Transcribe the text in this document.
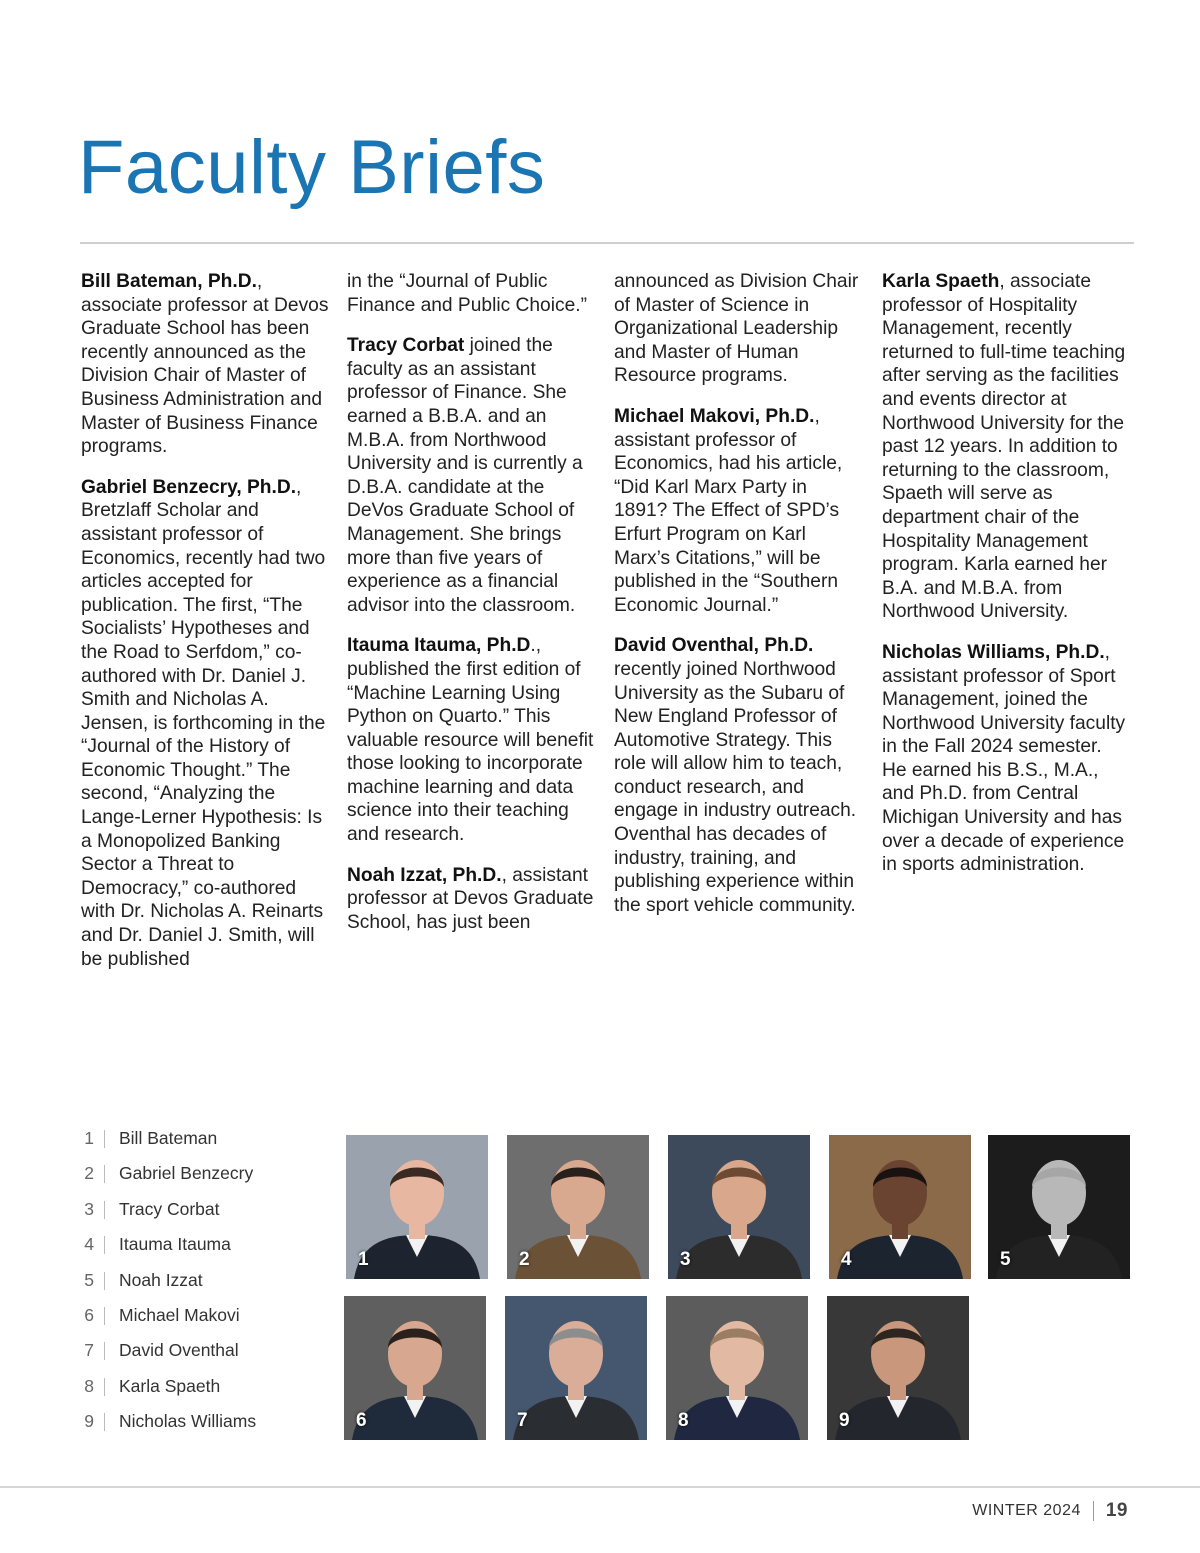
Faculty Briefs

Bill Bateman, Ph.D., associate professor at Devos Graduate School has been recently announced as the Division Chair of Master of Business Administration and Master of Business Finance programs.

Gabriel Benzecry, Ph.D., Bretzlaff Scholar and assistant professor of Economics, recently had two articles accepted for publication. The first, “The Socialists’ Hypotheses and the Road to Serfdom,” co-authored with Dr. Daniel J. Smith and Nicholas A. Jensen, is forthcoming in the “Journal of the History of Economic Thought.” The second, “Analyzing the Lange-Lerner Hypothesis: Is a Monopolized Banking Sector a Threat to Democracy,” co-authored with Dr. Nicholas A. Reinarts and Dr. Daniel J. Smith, will be published

in the “Journal of Public Finance and Public Choice.”

Tracy Corbat joined the faculty as an assistant professor of Finance. She earned a B.B.A. and an M.B.A. from Northwood University and is currently a D.B.A. candidate at the DeVos Graduate School of Management. She brings more than five years of experience as a financial advisor into the classroom.

Itauma Itauma, Ph.D., published the first edition of “Machine Learning Using Python on Quarto.” This valuable resource will benefit those looking to incorporate machine learning and data science into their teaching and research.

Noah Izzat, Ph.D., assistant professor at Devos Graduate School, has just been

announced as Division Chair of Master of Science in Organizational Leadership and Master of Human Resource programs.

Michael Makovi, Ph.D., assistant professor of Economics, had his article, “Did Karl Marx Party in 1891? The Effect of SPD’s Erfurt Program on Karl Marx’s Citations,” will be published in the “Southern Economic Journal.”

David Oventhal, Ph.D. recently joined Northwood University as the Subaru of New England Professor of Automotive Strategy. This role will allow him to teach, conduct research, and engage in industry outreach. Oventhal has decades of industry, training, and publishing experience within the sport vehicle community.

Karla Spaeth, associate professor of Hospitality Management, recently returned to full-time teaching after serving as the facilities and events director at Northwood University for the past 12 years. In addition to returning to the classroom, Spaeth will serve as department chair of the Hospitality Management program. Karla earned her B.A. and M.B.A. from Northwood University.

Nicholas Williams, Ph.D., assistant professor of Sport Management, joined the Northwood University faculty in the Fall 2024 semester. He earned his B.S., M.A., and Ph.D. from Central Michigan University and has over a decade of experience in sports administration.

1 Bill Bateman
2 Gabriel Benzecry
3 Tracy Corbat
4 Itauma Itauma
5 Noah Izzat
6 Michael Makovi
7 David Oventhal
8 Karla Spaeth
9 Nicholas Williams
1	2	3	4	5
6	7	8	9
WINTER 2024 19
